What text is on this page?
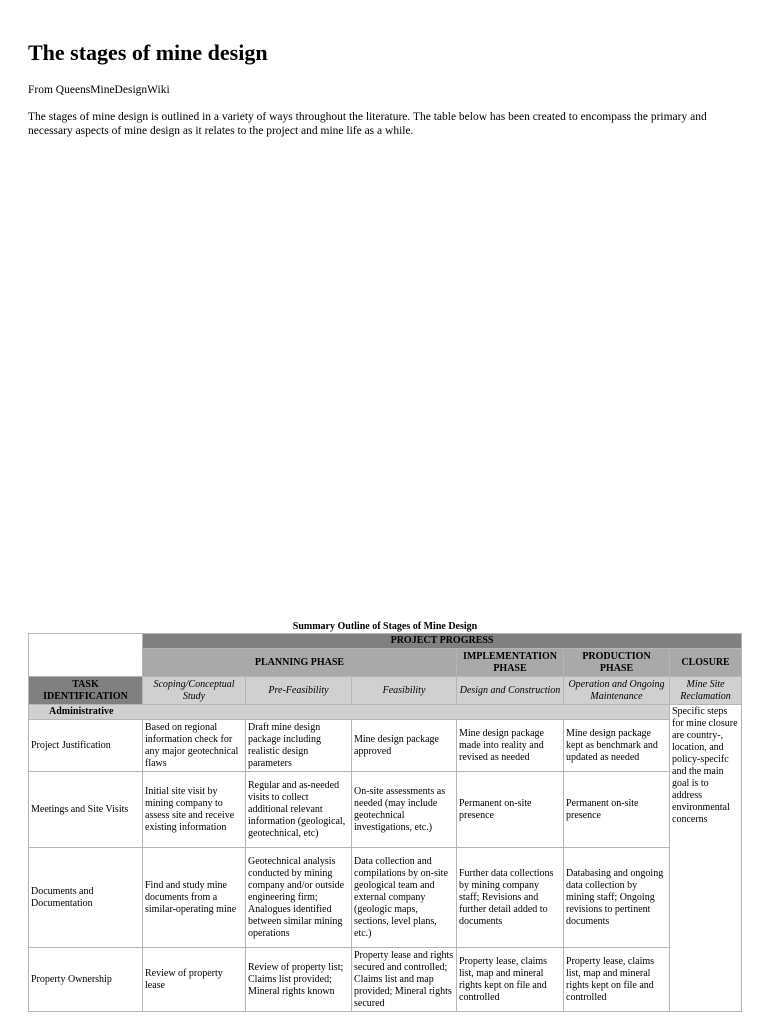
The stages of mine design

From QueensMineDesignWiki

The stages of mine design is outlined in a variety of ways throughout the literature. The table below has been created to encompass the primary and necessary aspects of mine design as it relates to the project and mine life as a while.

Summary Outline of Stages of Mine Design
	PROJECT PROGRESS					
	PLANNING PHASE			IMPLEMENTATION PHASE	PRODUCTION PHASE	CLOSURE
TASK IDENTIFICATION	Scoping/Conceptual Study	Pre-Feasibility	Feasibility	Design and Construction	Operation and Ongoing Maintenance	Mine Site Reclamation
Administrative						Specific steps for mine closure are country-, location, and policy-specifc and the main goal is to address environmental concerns
Project Justification	Based on regional information check for any major geotechnical flaws	Draft mine design package including realistic design parameters	Mine design package approved	Mine design package made into reality and revised as needed	Mine design package kept as benchmark and updated as needed	
Meetings and Site Visits	Initial site visit by mining company to assess site and receive existing information	Regular and as-needed visits to collect additional relevant information (geological, geotechnical, etc)	On-site assessments as needed (may include geotechnical investigations, etc.)	Permanent on-site presence	Permanent on-site presence	
Documents and Documentation	Find and study mine documents from a similar-operating mine	Geotechnical analysis conducted by mining company and/or outside engineering firm; Analogues identified between similar mining operations	Data collection and compilations by on-site geological team and external company (geologic maps, sections, level plans, etc.)	Further data collections by mining company staff; Revisions and further detail added to documents	Databasing and ongoing data collection by mining staff; Ongoing revisions to pertinent documents	
Property Ownership	Review of property lease	Review of property list; Claims list provided; Mineral rights known	Property lease and rights secured and controlled; Claims list and map provided; Mineral rights secured	Property lease, claims list, map and mineral rights kept on file and controlled	Property lease, claims list, map and mineral rights kept on file and controlled	
